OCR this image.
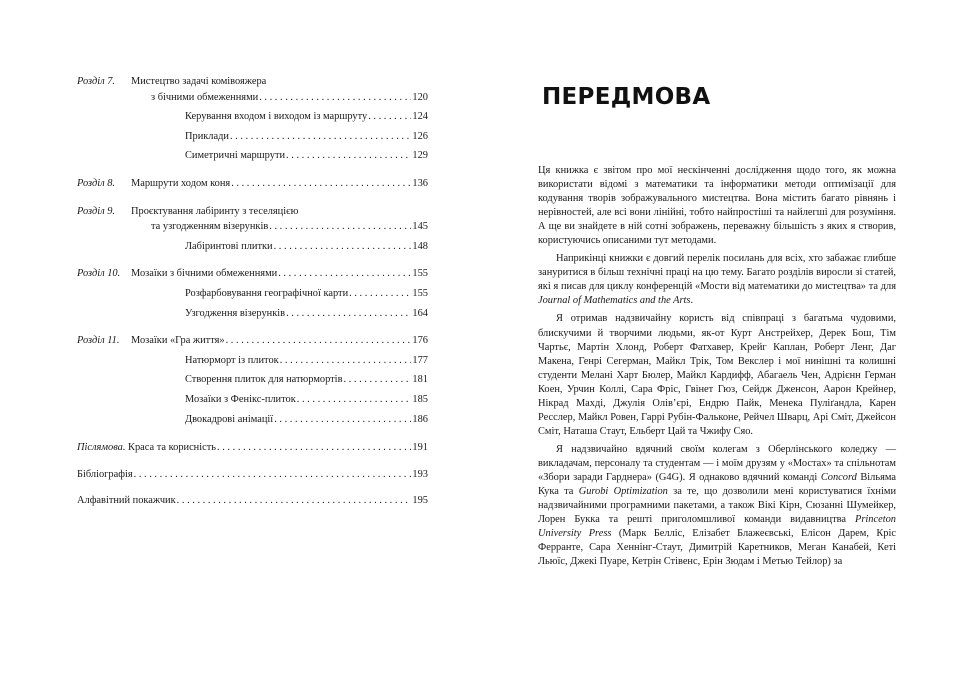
Розділ 7. Мистецтво задачі комівояжера
з бічними обмеженнями . . .	120
Керування входом і виходом із маршруту . . .	124
Приклади . . .	126
Симетричні маршрути . . .	129
Розділ 8. Маршрути ходом коня . . .	136
Розділ 9. Проєктування лабіринту з теселяцією
та узгодженням візерунків . . .	145
Лабіринтові плитки . . .	148
Розділ 10. Мозаїки з бічними обмеженнями . . .	155
Розфарбовування географічної карти . . .	155
Узгодження візерунків . . .	164
Розділ 11. Мозаїки «Гра життя» . . .	176
Натюрморт із плиток . . .	177
Створення плиток для натюрмортів . . .	181
Мозаїки з Фенікс-плиток . . .	185
Двокадрові анімації . . .	186
Післямова. Краса та корисність . . .	191
Бібліографія . . .	193
Алфавітний покажчик . . .	195
ПЕРЕДМОВА

Ця книжка є звітом про мої нескінченні дослідження щодо того, як можна використати відомі з математики та інформатики методи оптимізації для кодування творів зображувального мистецтва. Вона містить багато рівнянь і нерівностей, але всі вони лінійні, тобто найпростіші та найлегші для розуміння. А ще ви знайдете в ній сотні зображень, переважну більшість з яких я створив, користуючись описаними тут методами.

Наприкінці книжки є довгий перелік посилань для всіх, хто забажає глибше зануритися в більш технічні праці на цю тему. Багато розділів виросли зі статей, які я писав для циклу конференцій «Мости від математики до мистецтва» та для Journal of Mathematics and the Arts.

Я отримав надзвичайну користь від співпраці з багатьма чудовими, блискучими й творчими людьми, як-от Курт Анстрейхер, Дерек Бош, Тім Чартьє, Мартін Хлонд, Роберт Фатхавер, Крейг Каплан, Роберт Ленг, Даг Макена, Генрі Сегерман, Майкл Трік, Том Векслер і мої нинішні та колишні студенти Мелані Харт Бюлер, Майкл Кардифф, Абагаель Чен, Адрієнн Герман Коен, Урчин Коллі, Сара Фріс, Гвінет Гюз, Сейдж Дженсон, Аарон Крейнер, Нікрад Махді, Джулія Олів’єрі, Ендрю Пайк, Менека Пуліґандла, Карен Ресслер, Майкл Ровен, Гаррі Рубін-Фальконе, Рейчел Шварц, Арі Сміт, Джейсон Сміт, Наташа Стаут, Ельберт Цай та Чжифу Сяо.

Я надзвичайно вдячний своїм колегам з Оберлінського коледжу — викладачам, персоналу та студентам — і моїм друзям у «Мостах» та спільнотам «Збори заради Гарднера» (G4G). Я однаково вдячний команді Concord Вільяма Кука та Gurobi Optimization за те, що дозволили мені користуватися їхніми надзвичайними програмними пакетами, а також Вікі Кірн, Сюзанні Шумейкер, Лорен Букка та решті приголомшливої команди видавництва Princeton University Press (Марк Белліс, Елізабет Блажеєвські, Елісон Дарем, Кріс Ферранте, Сара Хеннінг-Стаут, Димитрій Каретников, Меган Канабей, Кеті Льюїс, Джекі Пуаре, Кетрін Стівенс, Ерін Зюдам і Метью Тейлор) за
